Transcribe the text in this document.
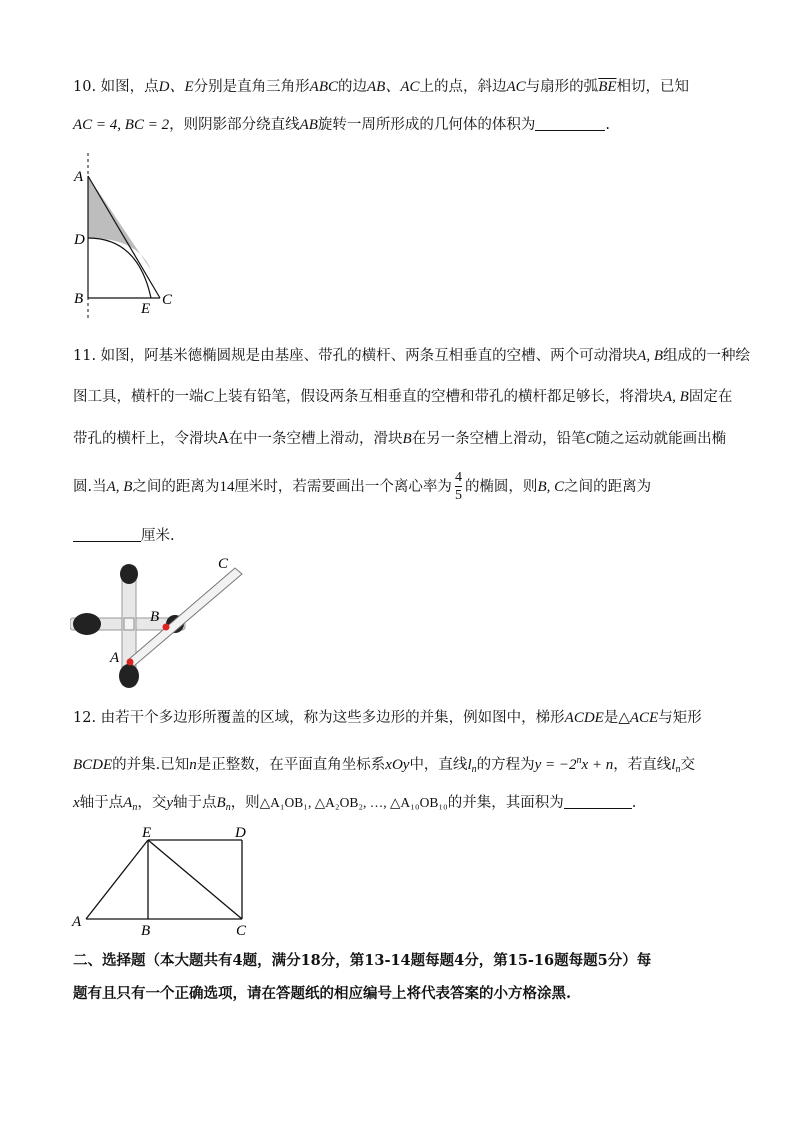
10. 如图，点D、E分别是直角三角形ABC的边AB、AC上的点，斜边AC与扇形的弧$\overline{BE}$相切，已知
AC = 4, BC = 2，则阴影部分绕直线AB旋转一周所形成的几何体的体积为	.
A
D
B
E
C
11. 如图，阿基米德椭圆规是由基座、带孔的横杆、两条互相垂直的空槽、两个可动滑块A, B组成的一种绘
图工具，横杆的一端C上装有铅笔，假设两条互相垂直的空槽和带孔的横杆都足够长，将滑块A, B固定在
带孔的横杆上，令滑块A在中一条空槽上滑动，滑块B在另一条空槽上滑动，铅笔C随之运动就能画出椭
圆.当A, B之间的距离为14厘米时，若需要画出一个离心率为 $\frac{4}{5}$ 的椭圆，则B, C之间的距离为
厘米.
C
B
A
12. 由若干个多边形所覆盖的区域，称为这些多边形的并集，例如图中，梯形ACDE是△ACE与矩形
BCDE的并集.已知n是正整数，在平面直角坐标系xOy中，直线$l_n$的方程为$y = -2^nx + n$，若直线$l_n$交
x轴于点$A_n$，交y轴于点$B_n$，则△A₁OB₁, △A₂OB₂, …, △A₁₀OB₁₀的并集，其面积为	.
E	D
A
B	C
二、选择题（本大题共有4题，满分18分，第13-14题每题4分，第15-16题每题5分）每
题有且只有一个正确选项，请在答题纸的相应编号上将代表答案的小方格涂黑.
